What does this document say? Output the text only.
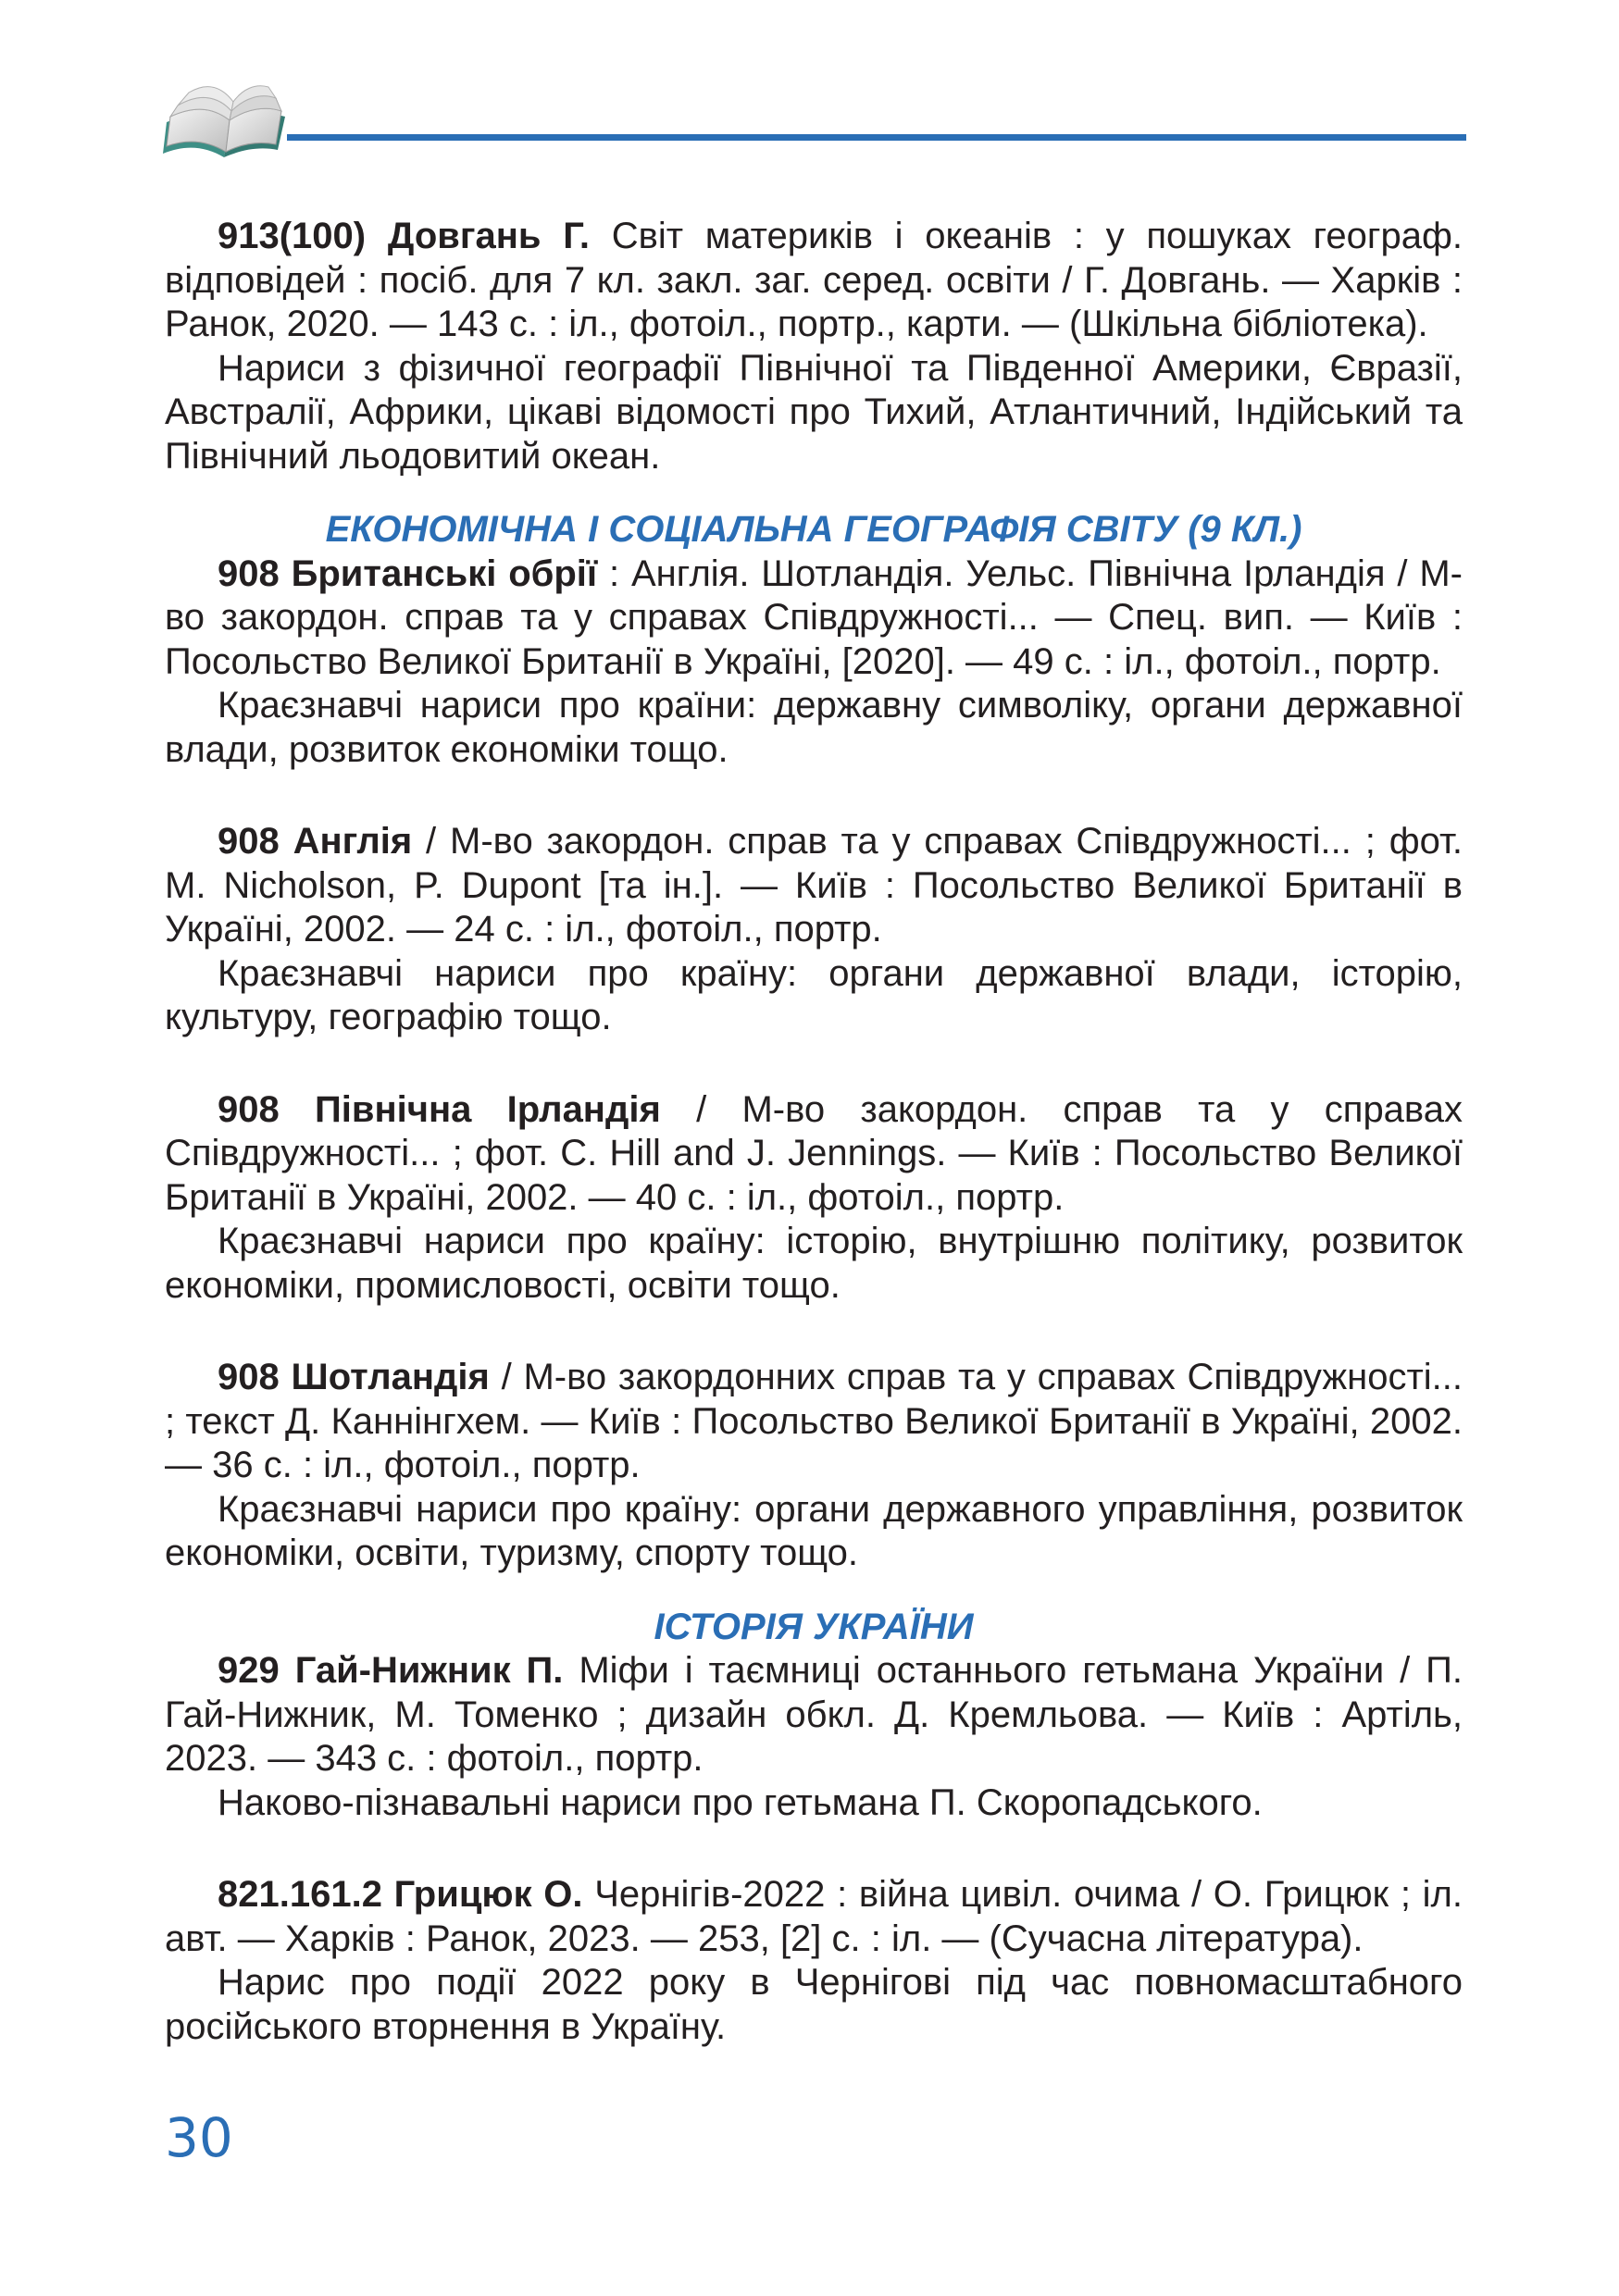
913(100) Довгань Г. Світ материків і океанів : у пошуках географ. відповідей : посіб. для 7 кл. закл. заг. серед. освіти / Г. Довгань. — Харків : Ранок, 2020. — 143 с. : іл., фотоіл., портр., карти. — (Шкільна бібліотека).

Нариси з фізичної географії Північної та Південної Америки, Євразії, Австралії, Африки, цікаві відомості про Тихий, Атлантичний, Індійський та Північний льодовитий океан.

ЕКОНОМІЧНА І СОЦІАЛЬНА ГЕОГРАФІЯ СВІТУ (9 КЛ.)

908 Британські обрії : Англія. Шотландія. Уельс. Північна Ірландія / М-во закордон. справ та у справах Співдружності... — Спец. вип. — Київ : Посольство Великої Британії в Україні, [2020]. — 49 с. : іл., фотоіл., портр.

Краєзнавчі нариси про країни: державну символіку, органи державної влади, розвиток економіки тощо.

908 Англія / М-во закордон. справ та у справах Співдружності... ; фот. M. Nicholson, P. Dupont [та ін.]. — Київ : Посольство Великої Британії в Україні, 2002. — 24 с. : іл., фотоіл., портр.

Краєзнавчі нариси про країну: органи державної влади, історію, культуру, географію тощо.

908 Північна Ірландія / М-во закордон. справ та у справах Співдружності... ; фот. C. Hill and J. Jennings. — Київ : Посольство Великої Британії в Україні, 2002. — 40 с. : іл., фотоіл., портр.

Краєзнавчі нариси про країну: історію, внутрішню політику, розвиток економіки, промисловості, освіти тощо.

908 Шотландія / М-во закордонних справ та у справах Співдружності... ; текст Д. Каннінгхем. — Київ : Посольство Великої Британії в Україні, 2002. — 36 с. : іл., фотоіл., портр.

Краєзнавчі нариси про країну: органи державного управління, розвиток економіки, освіти, туризму, спорту тощо.

ІСТОРІЯ УКРАЇНИ

929 Гай-Нижник П. Міфи і таємниці останнього гетьмана України / П. Гай-Нижник, М. Томенко ; дизайн обкл. Д. Кремльова. — Київ : Артіль, 2023. — 343 с. : фотоіл., портр.

Наково-пізнавальні нариси про гетьмана П. Скоропадського.

821.161.2 Грицюк О. Чернігів-2022 : війна цивіл. очима / О. Грицюк ; іл. авт. — Харків : Ранок, 2023. — 253, [2] с. : іл. — (Сучасна література).

Нарис про події 2022 року в Чернігові під час повномасштабного російського вторнення в Україну.

30
